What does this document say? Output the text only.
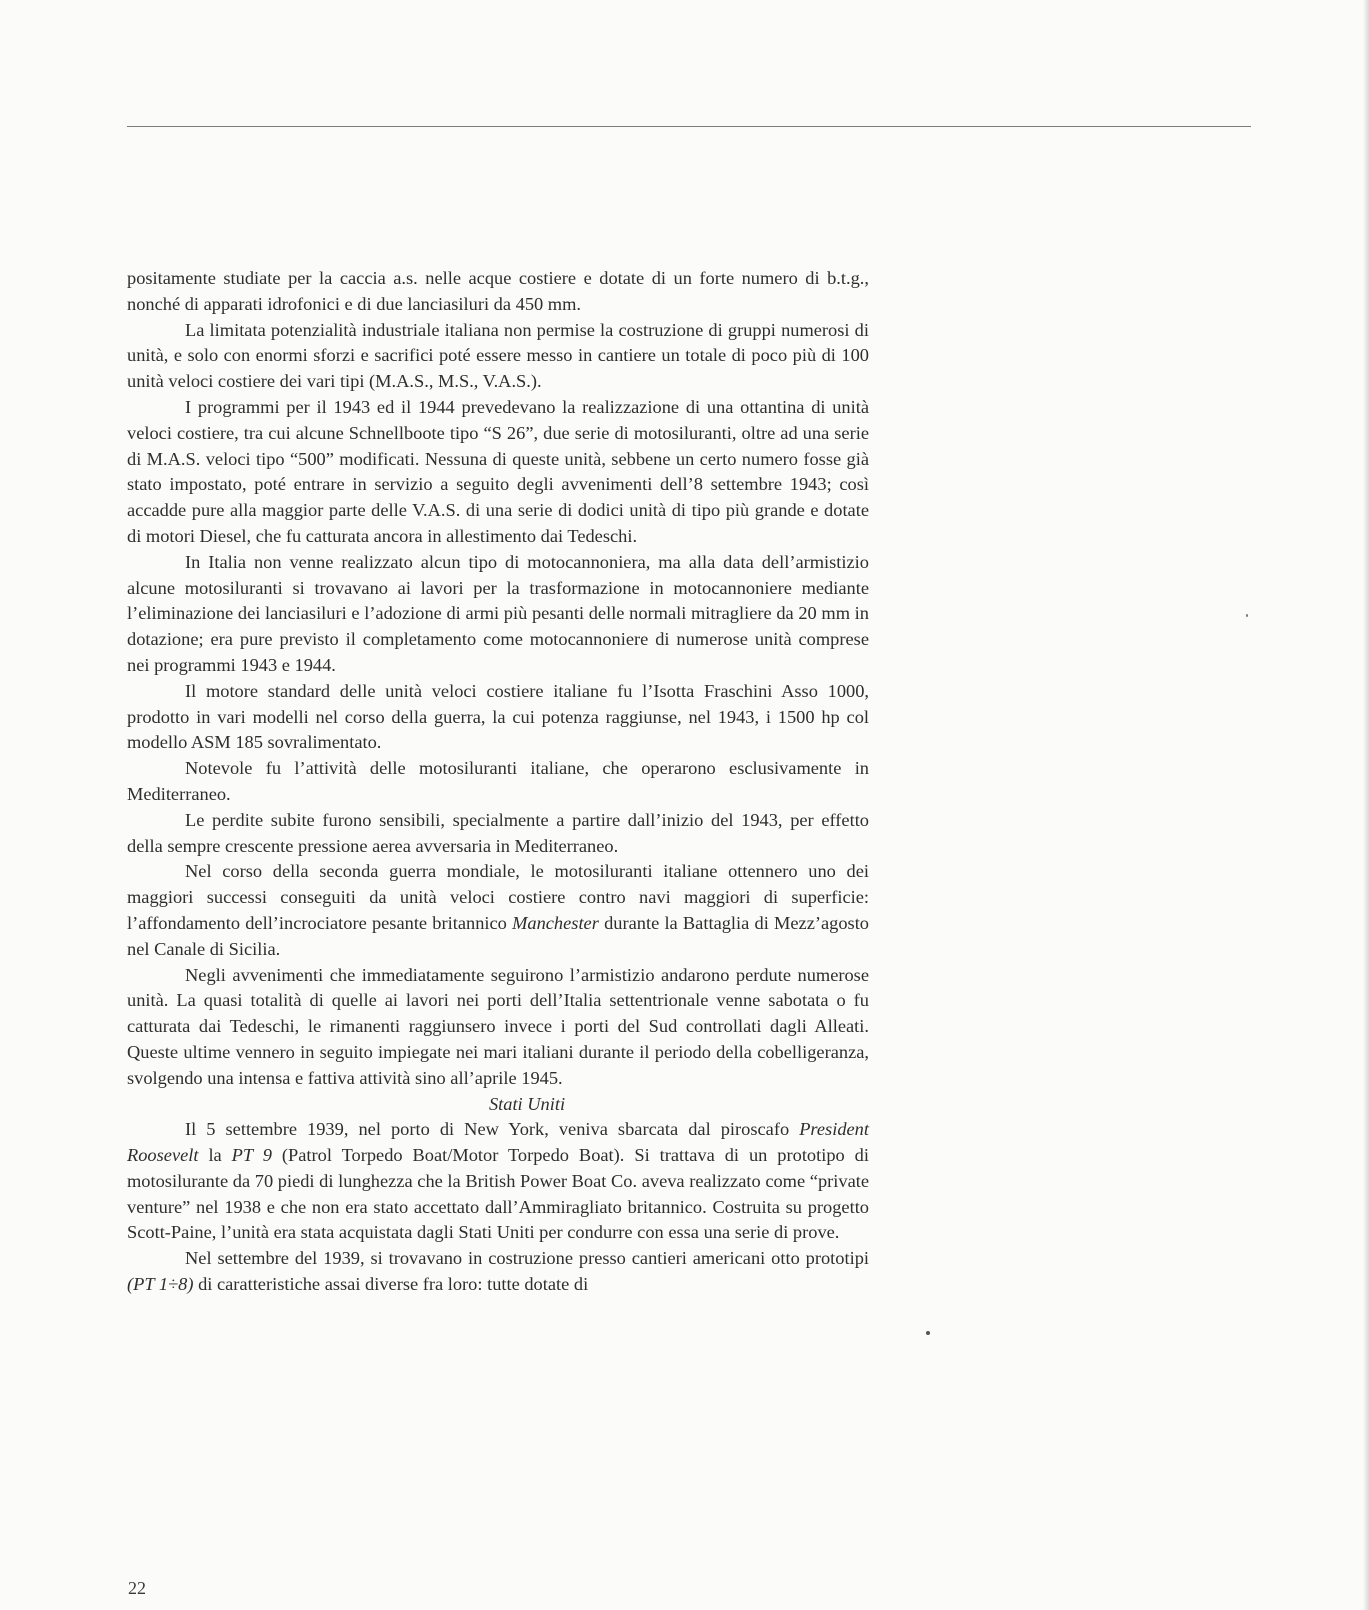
positamente studiate per la caccia a.s. nelle acque costiere e dotate di un forte numero di b.t.g., nonché di apparati idrofonici e di due lanciasiluri da 450 mm.

La limitata potenzialità industriale italiana non permise la costruzione di gruppi numerosi di unità, e solo con enormi sforzi e sacrifici poté essere messo in cantiere un totale di poco più di 100 unità veloci costiere dei vari tipi (M.A.S., M.S., V.A.S.).

I programmi per il 1943 ed il 1944 prevedevano la realizzazione di una ottantina di unità veloci costiere, tra cui alcune Schnellboote tipo “S 26”, due serie di motosiluranti, oltre ad una serie di M.A.S. veloci tipo “500” modificati. Nessuna di queste unità, sebbene un certo numero fosse già stato impostato, poté entrare in servizio a seguito degli avvenimenti dell’8 settembre 1943; così accadde pure alla maggior parte delle V.A.S. di una serie di dodici unità di tipo più grande e dotate di motori Diesel, che fu catturata ancora in allestimento dai Tedeschi.

In Italia non venne realizzato alcun tipo di motocannoniera, ma alla data dell’armistizio alcune motosiluranti si trovavano ai lavori per la trasformazione in motocannoniere mediante l’eliminazione dei lanciasiluri e l’adozione di armi più pesanti delle normali mitragliere da 20 mm in dotazione; era pure previsto il completamento come motocannoniere di numerose unità comprese nei programmi 1943 e 1944.

Il motore standard delle unità veloci costiere italiane fu l’Isotta Fraschini Asso 1000, prodotto in vari modelli nel corso della guerra, la cui potenza raggiunse, nel 1943, i 1500 hp col modello ASM 185 sovralimentato.

Notevole fu l’attività delle motosiluranti italiane, che operarono esclusivamente in Mediterraneo.

Le perdite subite furono sensibili, specialmente a partire dall’inizio del 1943, per effetto della sempre crescente pressione aerea avversaria in Mediterraneo.

Nel corso della seconda guerra mondiale, le motosiluranti italiane ottennero uno dei maggiori successi conseguiti da unità veloci costiere contro navi maggiori di superficie: l’affondamento dell’incrociatore pesante britannico Manchester durante la Battaglia di Mezz’agosto nel Canale di Sicilia.

Negli avvenimenti che immediatamente seguirono l’armistizio andarono perdute numerose unità. La quasi totalità di quelle ai lavori nei porti dell’Italia settentrionale venne sabotata o fu catturata dai Tedeschi, le rimanenti raggiunsero invece i porti del Sud controllati dagli Alleati. Queste ultime vennero in seguito impiegate nei mari italiani durante il periodo della cobelligeranza, svolgendo una intensa e fattiva attività sino all’aprile 1945.

Stati Uniti

Il 5 settembre 1939, nel porto di New York, veniva sbarcata dal piroscafo President Roosevelt la PT 9 (Patrol Torpedo Boat/Motor Torpedo Boat). Si trattava di un prototipo di motosilurante da 70 piedi di lunghezza che la British Power Boat Co. aveva realizzato come “private venture” nel 1938 e che non era stato accettato dall’Ammiragliato britannico. Costruita su progetto Scott-Paine, l’unità era stata acquistata dagli Stati Uniti per condurre con essa una serie di prove.

Nel settembre del 1939, si trovavano in costruzione presso cantieri americani otto prototipi (PT 1÷8) di caratteristiche assai diverse fra loro: tutte dotate di

22
